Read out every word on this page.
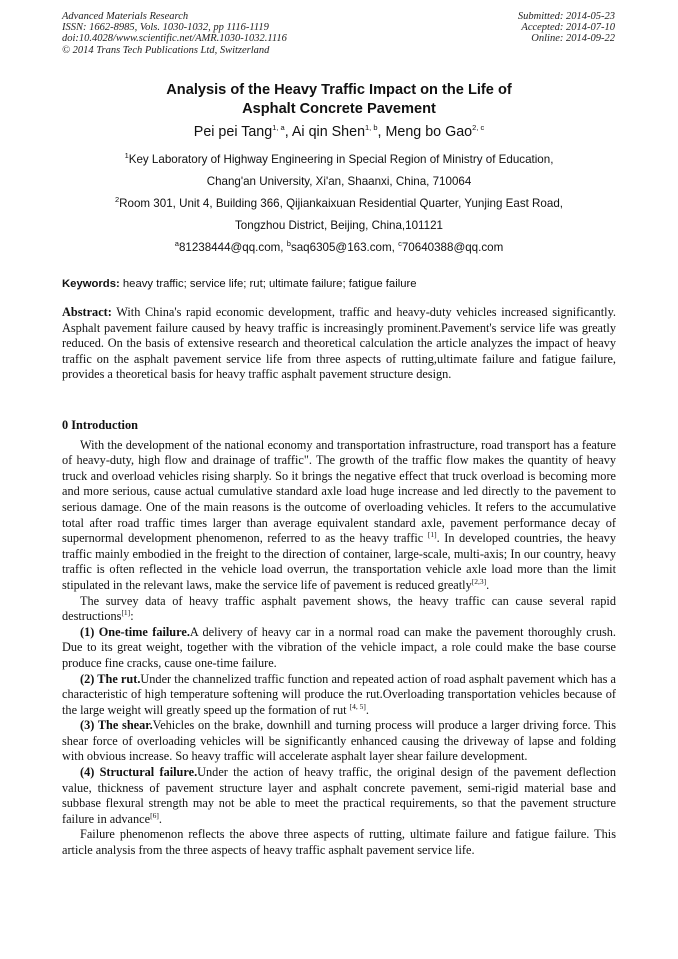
Advanced Materials Research
ISSN: 1662-8985, Vols. 1030-1032, pp 1116-1119
doi:10.4028/www.scientific.net/AMR.1030-1032.1116
© 2014 Trans Tech Publications Ltd, Switzerland
Submitted: 2014-05-23
Accepted: 2014-07-10
Online: 2014-09-22
Analysis of the Heavy Traffic Impact on the Life of
Asphalt Concrete Pavement
Pei pei Tang$^{1, a}$, Ai qin Shen$^{1, b}$, Meng bo Gao$^{2, c}$
$^1$Key Laboratory of Highway Engineering in Special Region of Ministry of Education,
Chang'an University, Xi'an, Shaanxi, China, 710064
$^2$Room 301, Unit 4, Building 366, Qijiankaixuan Residential Quarter, Yunjing East Road,
Tongzhou District, Beijing, China,101121
$^a$81238444@qq.com, $^b$saq6305@163.com, $^c$70640388@qq.com
Keywords: heavy traffic; service life; rut; ultimate failure; fatigue failure

Abstract: With China's rapid economic development, traffic and heavy-duty vehicles increased significantly. Asphalt pavement failure caused by heavy traffic is increasingly prominent.Pavement's service life was greatly reduced. On the basis of extensive research and theoretical calculation the article analyzes the impact of heavy traffic on the asphalt pavement service life from three aspects of rutting,ultimate failure and fatigue failure, provides a theoretical basis for heavy traffic asphalt pavement structure design.

0 Introduction

With the development of the national economy and transportation infrastructure, road transport has a feature of heavy-duty, high flow and drainage of traffic". The growth of the traffic flow makes the quantity of heavy truck and overload vehicles rising sharply. So it brings the negative effect that truck overload is becoming more and more serious, cause actual cumulative standard axle load huge increase and led directly to the pavement to serious damage. One of the main reasons is the outcome of overloading vehicles. It refers to the accumulative total after road traffic times larger than average equivalent standard axle, pavement performance decay of supernormal development phenomenon, referred to as the heavy traffic [1]. In developed countries, the heavy traffic mainly embodied in the freight to the direction of container, large-scale, multi-axis; In our country, heavy traffic is often reflected in the vehicle load overrun, the transportation vehicle axle load more than the limit stipulated in the relevant laws, make the service life of pavement is reduced greatly[2,3].

The survey data of heavy traffic asphalt pavement shows, the heavy traffic can cause several rapid destructions[1]:

(1) One-time failure.A delivery of heavy car in a normal road can make the pavement thoroughly crush. Due to its great weight, together with the vibration of the vehicle impact, a role could make the base course produce fine cracks, cause one-time failure.

(2) The rut.Under the channelized traffic function and repeated action of road asphalt pavement which has a characteristic of high temperature softening will produce the rut.Overloading transportation vehicles because of the large weight will greatly speed up the formation of rut [4, 5].

(3) The shear.Vehicles on the brake, downhill and turning process will produce a larger driving force. This shear force of overloading vehicles will be significantly enhanced causing the driveway of lapse and folding with obvious increase. So heavy traffic will accelerate asphalt layer shear failure development.

(4) Structural failure.Under the action of heavy traffic, the original design of the pavement deflection value, thickness of pavement structure layer and asphalt concrete pavement, semi-rigid material base and subbase flexural strength may not be able to meet the practical requirements, so that the pavement structure failure in advance[6].

Failure phenomenon reflects the above three aspects of rutting, ultimate failure and fatigue failure. This article analysis from the three aspects of heavy traffic asphalt pavement service life.
